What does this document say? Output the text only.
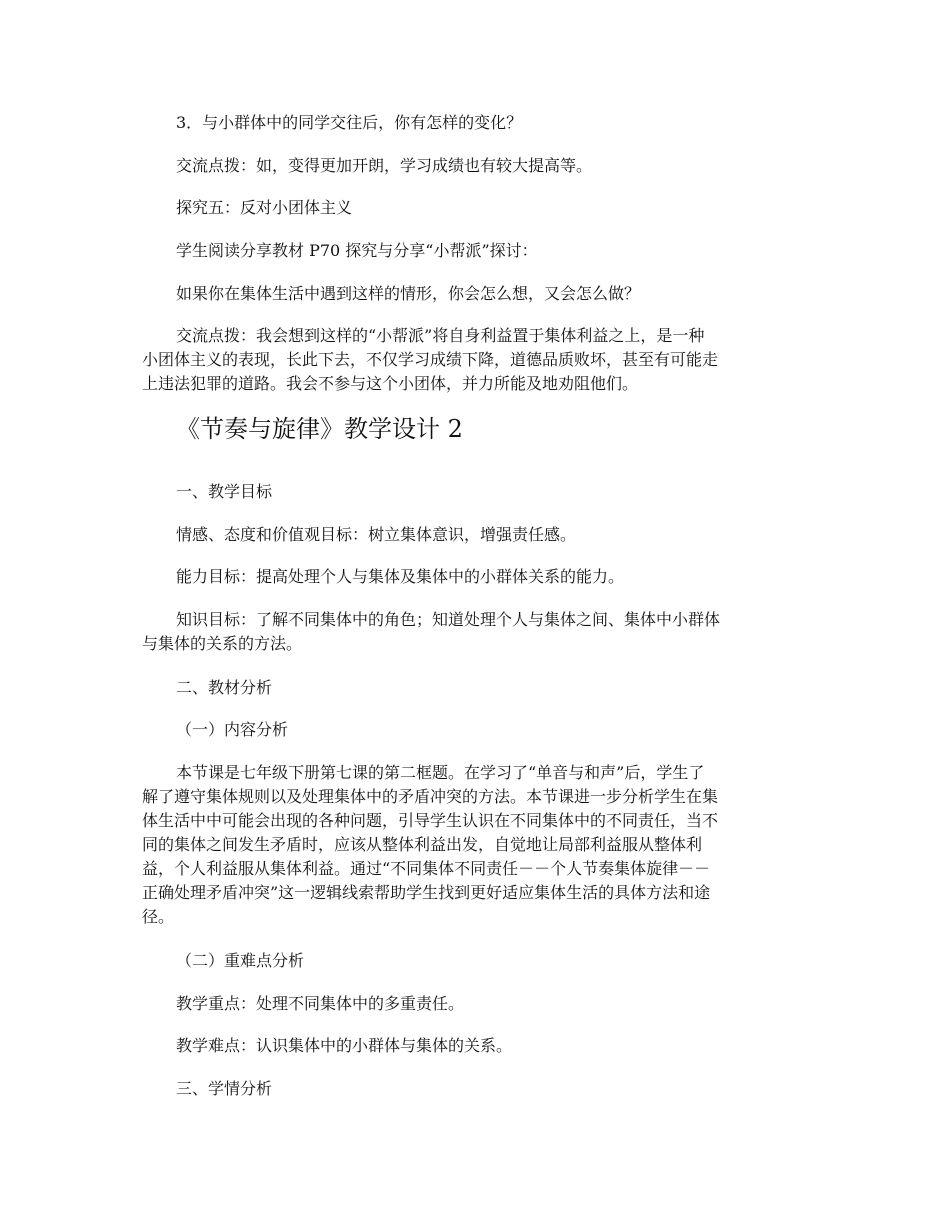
3．与小群体中的同学交往后，你有怎样的变化？

交流点拨：如，变得更加开朗，学习成绩也有较大提高等。

探究五：反对小团体主义

学生阅读分享教材 P70 探究与分享“小帮派”探讨：

如果你在集体生活中遇到这样的情形，你会怎么想，又会怎么做？

交流点拨：我会想到这样的“小帮派”将自身利益置于集体利益之上，是一种

小团体主义的表现，长此下去，不仅学习成绩下降，道德品质败坏，甚至有可能走

上违法犯罪的道路。我会不参与这个小团体，并力所能及地劝阻他们。

《节奏与旋律》教学设计 2

一、教学目标

情感、态度和价值观目标：树立集体意识，增强责任感。

能力目标：提高处理个人与集体及集体中的小群体关系的能力。

知识目标：了解不同集体中的角色；知道处理个人与集体之间、集体中小群体

与集体的关系的方法。

二、教材分析

（一）内容分析

本节课是七年级下册第七课的第二框题。在学习了“单音与和声”后，学生了

解了遵守集体规则以及处理集体中的矛盾冲突的方法。本节课进一步分析学生在集

体生活中中可能会出现的各种问题，引导学生认识在不同集体中的不同责任，当不

同的集体之间发生矛盾时，应该从整体利益出发，自觉地让局部利益服从整体利

益，个人利益服从集体利益。通过“不同集体不同责任－－个人节奏集体旋律－－

正确处理矛盾冲突”这一逻辑线索帮助学生找到更好适应集体生活的具体方法和途

径。

（二）重难点分析

教学重点：处理不同集体中的多重责任。

教学难点：认识集体中的小群体与集体的关系。

三、学情分析
